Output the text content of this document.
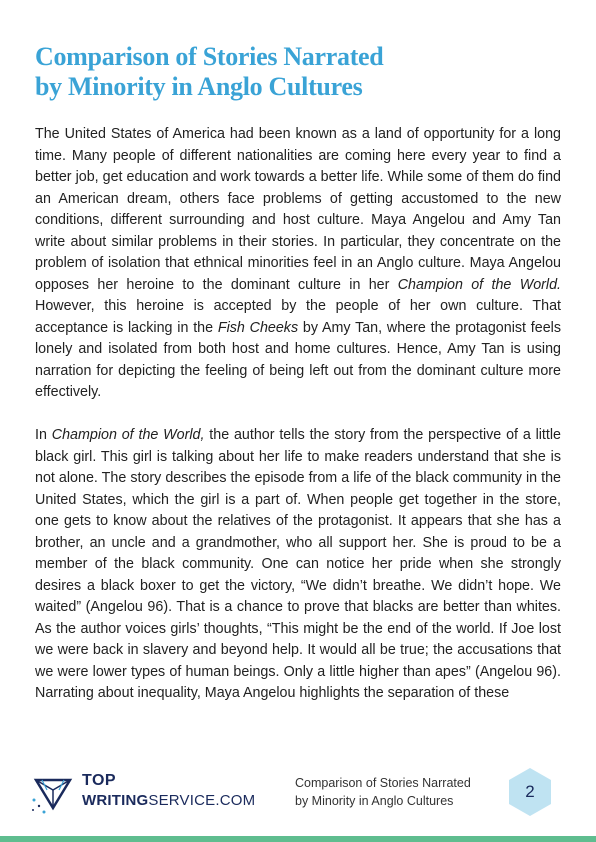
Comparison of Stories Narrated
by Minority in Anglo Cultures

The United States of America had been known as a land of opportunity for a long time. Many people of different nationalities are coming here every year to find a better job, get education and work towards a better life. While some of them do find an American dream, others face problems of getting accustomed to the new conditions, different surrounding and host culture. Maya Angelou and Amy Tan write about similar problems in their stories. In particular, they concentrate on the problem of isolation that ethnical minorities feel in an Anglo culture. Maya Angelou opposes her heroine to the dominant culture in her Champion of the World. However, this heroine is accepted by the people of her own culture. That acceptance is lacking in the Fish Cheeks by Amy Tan, where the protagonist feels lonely and isolated from both host and home cultures. Hence, Amy Tan is using narration for depicting the feeling of being left out from the dominant culture more effectively.

In Champion of the World, the author tells the story from the perspective of a little black girl. This girl is talking about her life to make readers understand that she is not alone. The story describes the episode from a life of the black community in the United States, which the girl is a part of. When people get together in the store, one gets to know about the relatives of the protagonist. It appears that she has a brother, an uncle and a grandmother, who all support her. She is proud to be a member of the black community. One can notice her pride when she strongly desires a black boxer to get the victory, “We didn’t breathe. We didn’t hope. We waited” (Angelou 96). That is a chance to prove that blacks are better than whites. As the author voices girls’ thoughts, “This might be the end of the world. If Joe lost we were back in slavery and beyond help. It would all be true; the accusations that we were lower types of human beings. Only a little higher than apes” (Angelou 96). Narrating about inequality, Maya Angelou highlights the separation of these

TOP
WRITINGSERVICE.COM
Comparison of Stories Narrated
by Minority in Anglo Cultures	2
